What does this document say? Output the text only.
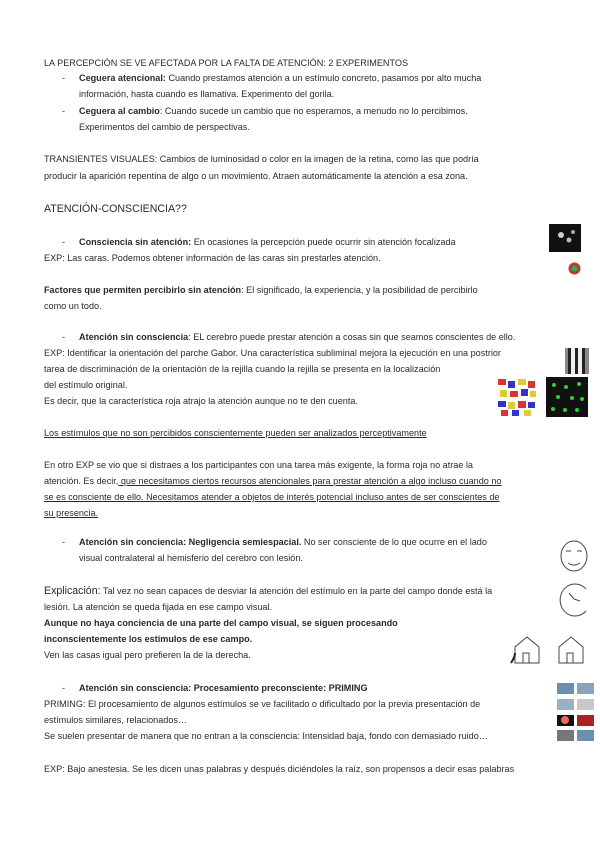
LA PERCEPCIÓN SE VE AFECTADA POR LA FALTA DE ATENCIÓN: 2 EXPERIMENTOS
- Ceguera atencional: Cuando prestamos atención a un estímulo concreto, pasamos por alto mucha
información, hasta cuando es llamativa. Experimento del gorila.
- Ceguera al cambio: Cuando sucede un cambio que no esperamos, a menudo no lo percibimos.
Experimentos del cambio de perspectivas.
TRANSIENTES VISUALES: Cambios de luminosidad o color en la imagen de la retina, como las que podría
producir la aparición repentina de algo o un movimiento. Atraen automáticamente la atención a esa zona.
ATENCIÓN-CONSCIENCIA??
- Consciencia sin atención: En ocasiones la percepción puede ocurrir sin atención focalizada
EXP: Las caras. Podemos obtener información de las caras sin prestarles atención.
Factores que permiten percibirlo sin atención: El significado, la experiencia, y la posibilidad de percibirlo
como un todo.
- Atención sin consciencia: EL cerebro puede prestar atención a cosas sin que seamos conscientes de ello.
EXP: Identificar la orientación del parche Gabor. Una característica subliminal mejora la ejecución en una postrior
tarea de discriminación de la orientación de la rejilla cuando la rejilla se presenta en la localización
del estímulo original.
Es decir, que la característica roja atrajo la atención aunque no te den cuenta.
Los estímulos que no son percibidos conscientemente pueden ser analizados perceptivamente
En otro EXP se vio que si distraes a los participantes con una tarea más exigente, la forma roja no atrae la
atención. Es decir, que necesitamos ciertos recursos atencionales para prestar atención a algo incluso cuando no
se es consciente de ello. Necesitamos atender a objetos de interés potencial incluso antes de ser conscientes de
su presencia.
- Atención sin conciencia: Negligencia semiespacial. No ser consciente de lo que ocurre en el lado
visual contralateral al hemisferio del cerebro con lesión.
Explicación: Tal vez no sean capaces de desviar la atención del estímulo en la parte del campo donde está la
lesión. La atención se queda fijada en ese campo visual.
Aunque no haya conciencia de una parte del campo visual, se siguen procesando
inconscientemente los estímulos de ese campo.
Ven las casas igual pero prefieren la de la derecha.
- Atención sin consciencia: Procesamiento preconsciente: PRIMING
PRIMING: El procesamiento de algunos estímulos se ve facilitado o dificultado por la previa presentación de
estímulos similares, relacionados…
Se suelen presentar de manera que no entran a la consciencia: Intensidad baja, fondo con demasiado ruido…
EXP: Bajo anestesia. Se les dicen unas palabras y después diciéndoles la raíz, son propensos a decir esas palabras
